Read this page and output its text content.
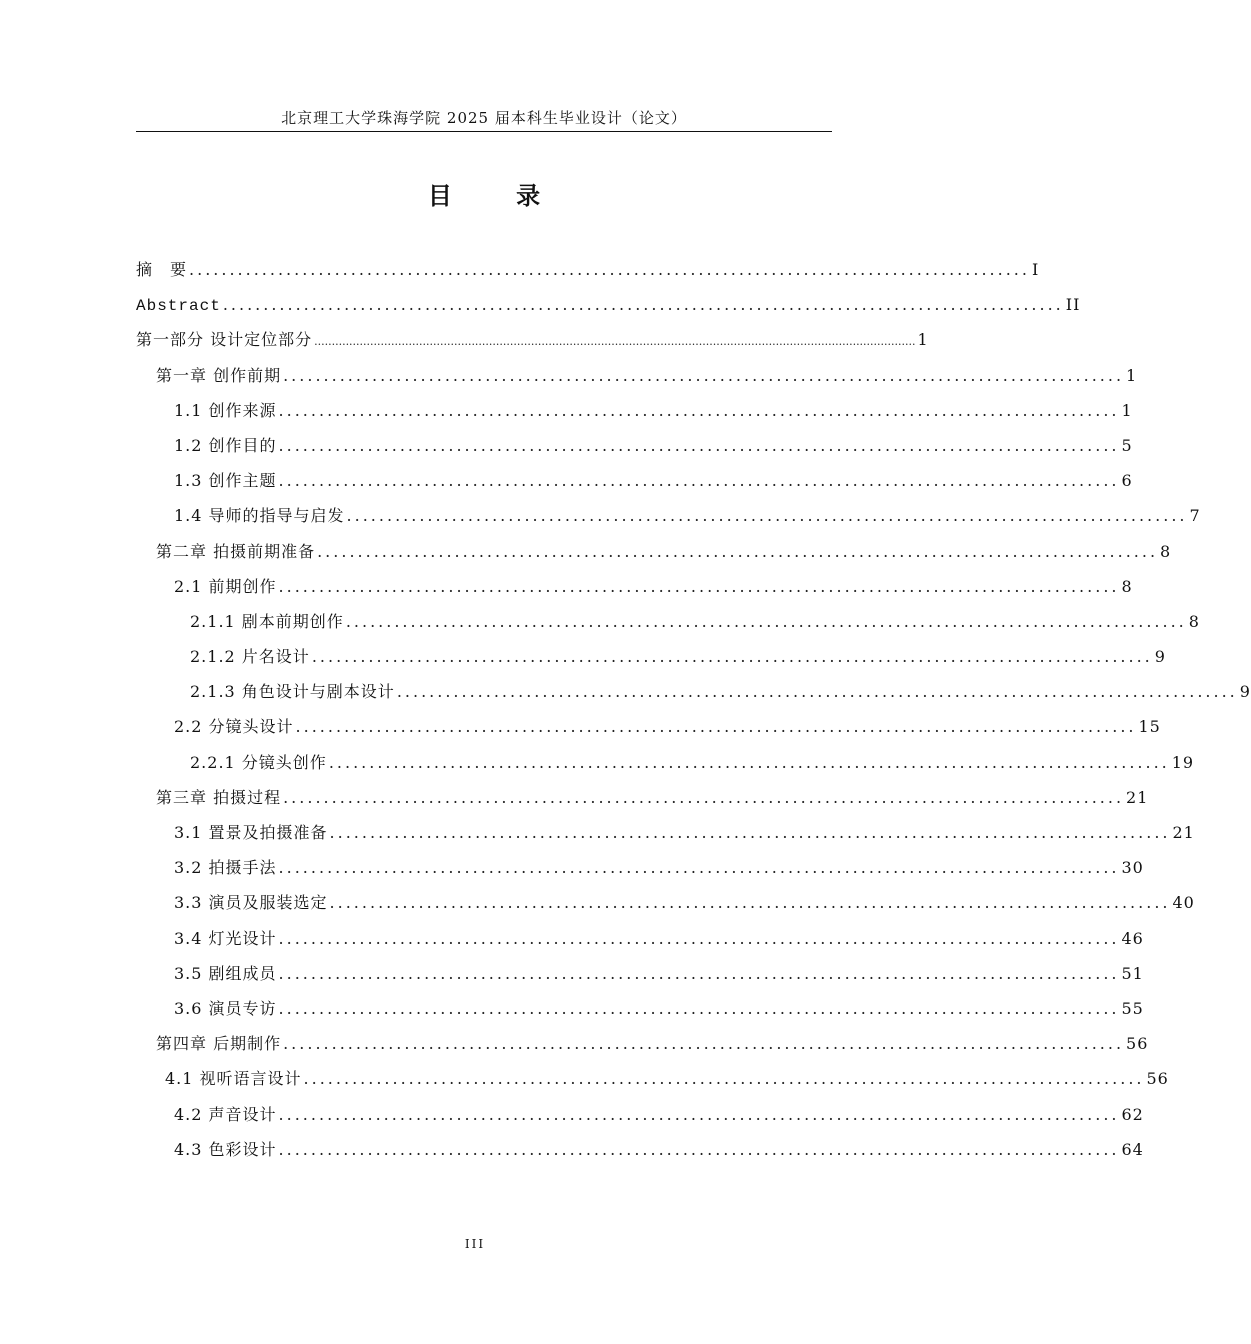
北京理工大学珠海学院 2025 届本科生毕业设计（论文）
目 录
摘　要 ........................................................................................................ I
Abstract ........................................................................................................ II
第一部分 设计定位部分 ............................................................................................................................................................................ 1
第一章 创作前期 ........................................................................................................ 1
1.1 创作来源 ........................................................................................................ 1
1.2 创作目的 ........................................................................................................ 5
1.3 创作主题 ........................................................................................................ 6
1.4 导师的指导与启发 ........................................................................................................ 7
第二章 拍摄前期准备 ........................................................................................................ 8
2.1 前期创作 ........................................................................................................ 8
2.1.1 剧本前期创作 ........................................................................................................ 8
2.1.2 片名设计 ........................................................................................................ 9
2.1.3 角色设计与剧本设计 ........................................................................................................ 9
2.2 分镜头设计 ........................................................................................................ 15
2.2.1 分镜头创作 ........................................................................................................ 19
第三章 拍摄过程 ........................................................................................................ 21
3.1 置景及拍摄准备 ........................................................................................................ 21
3.2 拍摄手法 ........................................................................................................ 30
3.3 演员及服装选定 ........................................................................................................ 40
3.4 灯光设计 ........................................................................................................ 46
3.5 剧组成员 ........................................................................................................ 51
3.6 演员专访 ........................................................................................................ 55
第四章 后期制作 ........................................................................................................ 56
4.1 视听语言设计 ........................................................................................................ 56
4.2 声音设计 ........................................................................................................ 62
4.3 色彩设计 ........................................................................................................ 64
III
